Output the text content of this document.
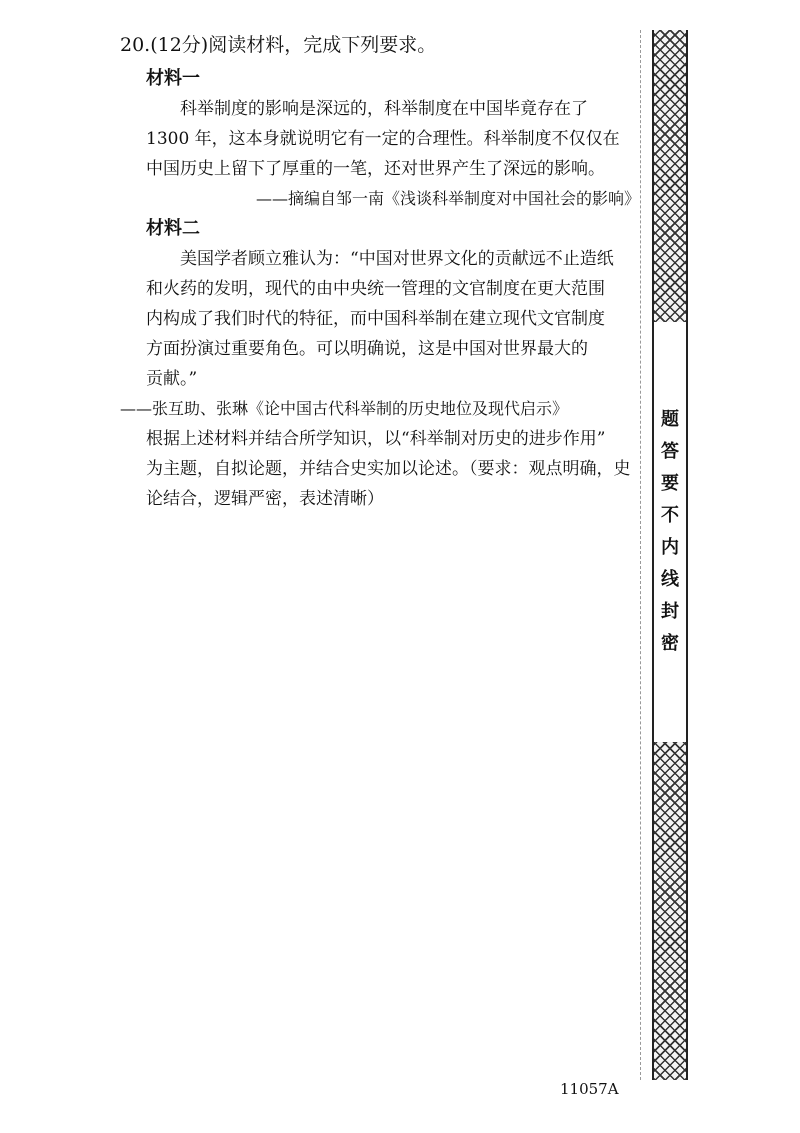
20.(12分)阅读材料，完成下列要求。

材料一

科举制度的影响是深远的，科举制度在中国毕竟存在了
1300 年，这本身就说明它有一定的合理性。科举制度不仅仅在
中国历史上留下了厚重的一笔，还对世界产生了深远的影响。

——摘编自邹一南《浅谈科举制度对中国社会的影响》

材料二

美国学者顾立雅认为：“中国对世界文化的贡献远不止造纸
和火药的发明，现代的由中央统一管理的文官制度在更大范围
内构成了我们时代的特征，而中国科举制在建立现代文官制度
方面扮演过重要角色。可以明确说，这是中国对世界最大的
贡献。”

——张互助、张琳《论中国古代科举制的历史地位及现代启示》

根据上述材料并结合所学知识，以“科举制对历史的进步作用”
为主题，自拟论题，并结合史实加以论述。（要求：观点明确，史
论结合，逻辑严密，表述清晰）

题
答
要
不
内
线
封
密
11057A
